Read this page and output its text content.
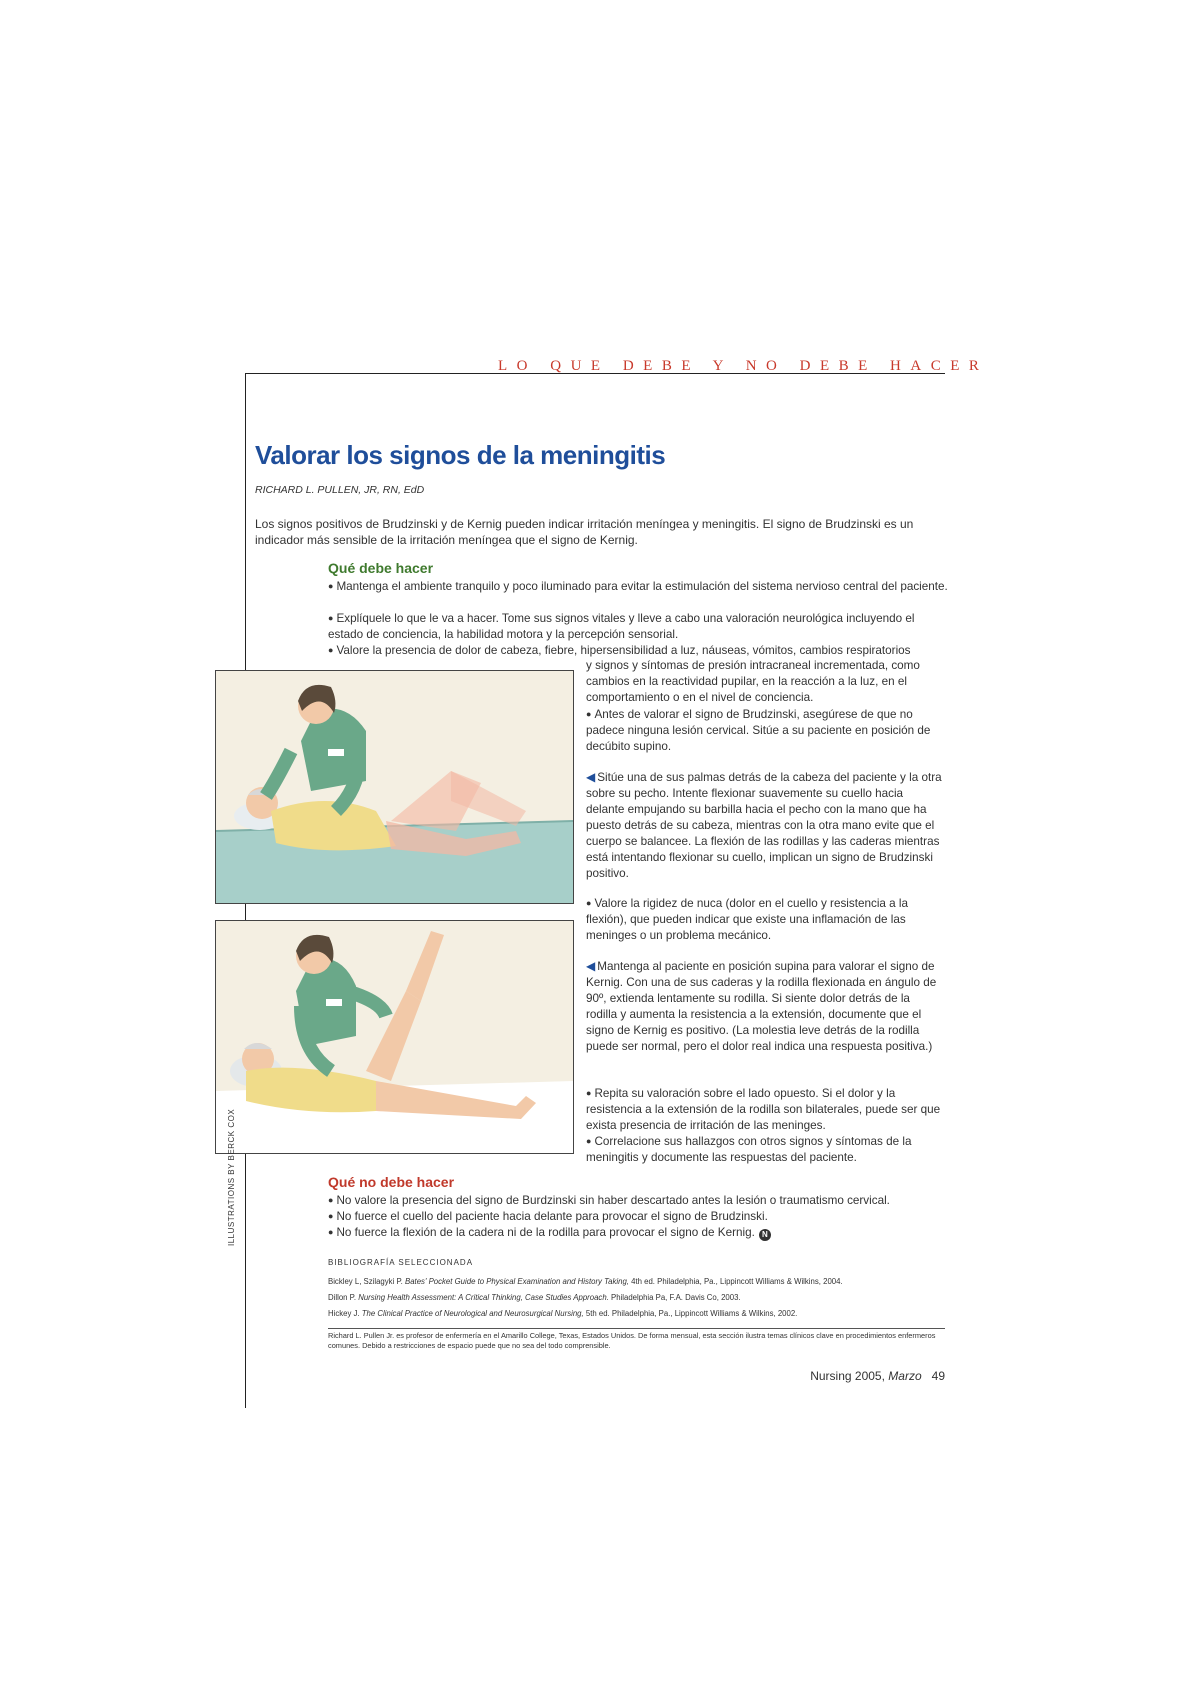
LO QUE DEBE Y NO DEBE HACER
Valorar los signos de la meningitis
RICHARD L. PULLEN, JR, RN, EdD
Los signos positivos de Brudzinski y de Kernig pueden indicar irritación meníngea y meningitis. El signo de Brudzinski es un indicador más sensible de la irritación meníngea que el signo de Kernig.
Qué debe hacer
● Mantenga el ambiente tranquilo y poco iluminado para evitar la estimulación del sistema nervioso central del paciente.
● Explíquele lo que le va a hacer. Tome sus signos vitales y lleve a cabo una valoración neurológica incluyendo el estado de conciencia, la habilidad motora y la percepción sensorial.
● Valore la presencia de dolor de cabeza, fiebre, hipersensibilidad a luz, náuseas, vómitos, cambios respiratorios
y signos y síntomas de presión intracraneal incrementada, como cambios en la reactividad pupilar, en la reacción a la luz, en el comportamiento o en el nivel de conciencia.
● Antes de valorar el signo de Brudzinski, asegúrese de que no padece ninguna lesión cervical. Sitúe a su paciente en posición de decúbito supino.
◀ Sitúe una de sus palmas detrás de la cabeza del paciente y la otra sobre su pecho. Intente flexionar suavemente su cuello hacia delante empujando su barbilla hacia el pecho con la mano que ha puesto detrás de su cabeza, mientras con la otra mano evite que el cuerpo se balancee. La flexión de las rodillas y las caderas mientras está intentando flexionar su cuello, implican un signo de Brudzinski positivo.
● Valore la rigidez de nuca (dolor en el cuello y resistencia a la flexión), que pueden indicar que existe una inflamación de las meninges o un problema mecánico.
◀ Mantenga al paciente en posición supina para valorar el signo de Kernig. Con una de sus caderas y la rodilla flexionada en ángulo de 90º, extienda lentamente su rodilla. Si siente dolor detrás de la rodilla y aumenta la resistencia a la extensión, documente que el signo de Kernig es positivo. (La molestia leve detrás de la rodilla puede ser normal, pero el dolor real indica una respuesta positiva.)
● Repita su valoración sobre el lado opuesto. Si el dolor y la resistencia a la extensión de la rodilla son bilaterales, puede ser que exista presencia de irritación de las meninges.
● Correlacione sus hallazgos con otros signos y síntomas de la meningitis y documente las respuestas del paciente.
Qué no debe hacer
● No valore la presencia del signo de Burdzinski sin haber descartado antes la lesión o traumatismo cervical.
● No fuerce el cuello del paciente hacia delante para provocar el signo de Brudzinski.
● No fuerce la flexión de la cadera ni de la rodilla para provocar el signo de Kernig. N
BIBLIOGRAFÍA SELECCIONADA
Bickley L, Szilagyki P. Bates' Pocket Guide to Physical Examination and History Taking, 4th ed. Philadelphia, Pa., Lippincott Williams & Wilkins, 2004.
Dillon P. Nursing Health Assessment: A Critical Thinking, Case Studies Approach. Philadelphia Pa, F.A. Davis Co, 2003.
Hickey J. The Clinical Practice of Neurological and Neurosurgical Nursing, 5th ed. Philadelphia, Pa., Lippincott Williams & Wilkins, 2002.
Richard L. Pullen Jr. es profesor de enfermería en el Amarillo College, Texas, Estados Unidos. De forma mensual, esta sección ilustra temas clínicos clave en procedimientos enfermeros comunes. Debido a restricciones de espacio puede que no sea del todo comprensible.
Nursing 2005, Marzo 49
ILLUSTRATIONS BY BERCK COX
